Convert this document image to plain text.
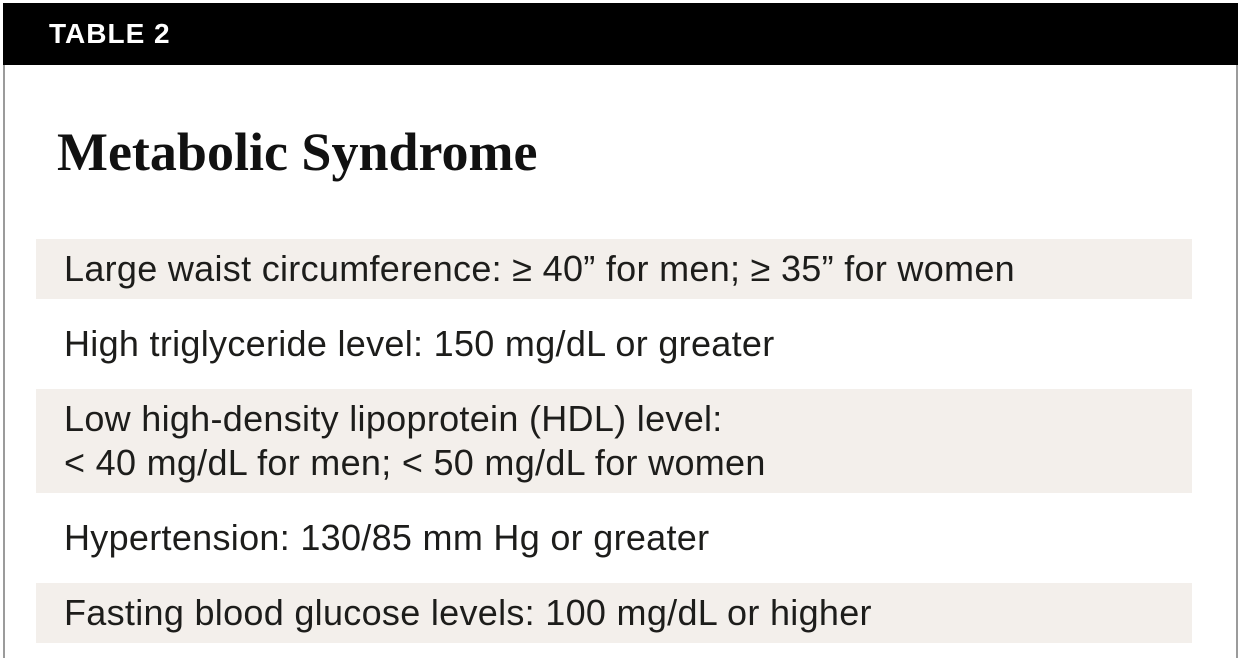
TABLE 2
Metabolic Syndrome
Large waist circumference: ≥ 40” for men; ≥ 35” for women
High triglyceride level: 150 mg/dL or greater
Low high-density lipoprotein (HDL) level:
< 40 mg/dL for men; < 50 mg/dL for women
Hypertension: 130/85 mm Hg or greater
Fasting blood glucose levels: 100 mg/dL or higher
